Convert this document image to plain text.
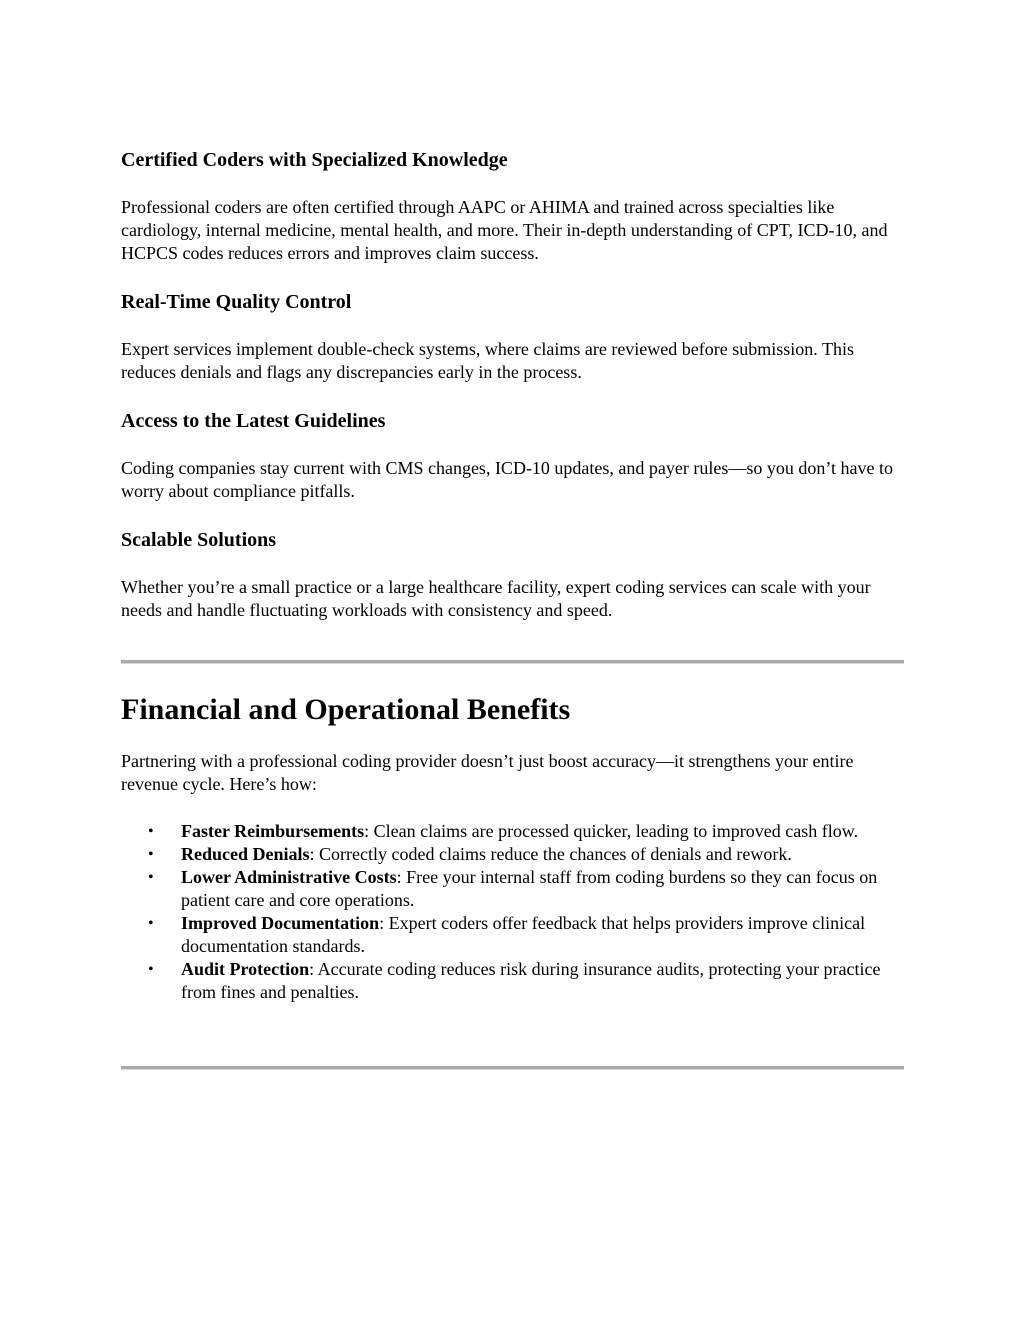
Certified Coders with Specialized Knowledge

Professional coders are often certified through AAPC or AHIMA and trained across specialties like cardiology, internal medicine, mental health, and more. Their in-depth understanding of CPT, ICD-10, and HCPCS codes reduces errors and improves claim success.

Real-Time Quality Control

Expert services implement double-check systems, where claims are reviewed before submission. This reduces denials and flags any discrepancies early in the process.

Access to the Latest Guidelines

Coding companies stay current with CMS changes, ICD-10 updates, and payer rules—so you don’t have to worry about compliance pitfalls.

Scalable Solutions

Whether you’re a small practice or a large healthcare facility, expert coding services can scale with your needs and handle fluctuating workloads with consistency and speed.

Financial and Operational Benefits

Partnering with a professional coding provider doesn’t just boost accuracy—it strengthens your entire revenue cycle. Here’s how:

• Faster Reimbursements: Clean claims are processed quicker, leading to improved cash flow.
• Reduced Denials: Correctly coded claims reduce the chances of denials and rework.
• Lower Administrative Costs: Free your internal staff from coding burdens so they can focus on patient care and core operations.
• Improved Documentation: Expert coders offer feedback that helps providers improve clinical documentation standards.
• Audit Protection: Accurate coding reduces risk during insurance audits, protecting your practice from fines and penalties.
